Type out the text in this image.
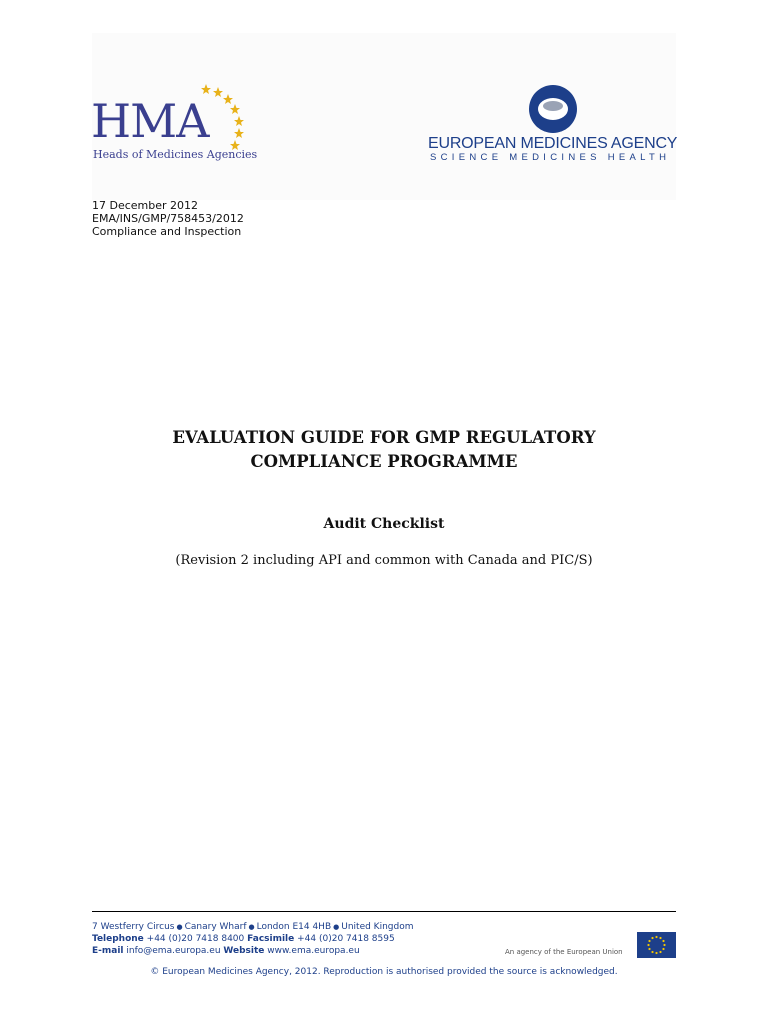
HMA
Heads of Medicines Agencies
EUROPEAN MEDICINES AGENCY
SCIENCE MEDICINES HEALTH
17 December 2012
EMA/INS/GMP/758453/2012
Compliance and Inspection
EVALUATION GUIDE FOR GMP REGULATORY
COMPLIANCE PROGRAMME
Audit Checklist
(Revision 2 including API and common with Canada and PIC/S)
7 Westferry Circus ● Canary Wharf ● London E14 4HB ● United Kingdom
Telephone +44 (0)20 7418 8400 Facsimile +44 (0)20 7418 8595
E-mail info@ema.europa.eu Website www.ema.europa.eu	An agency of the European Union
© European Medicines Agency, 2012. Reproduction is authorised provided the source is acknowledged.
